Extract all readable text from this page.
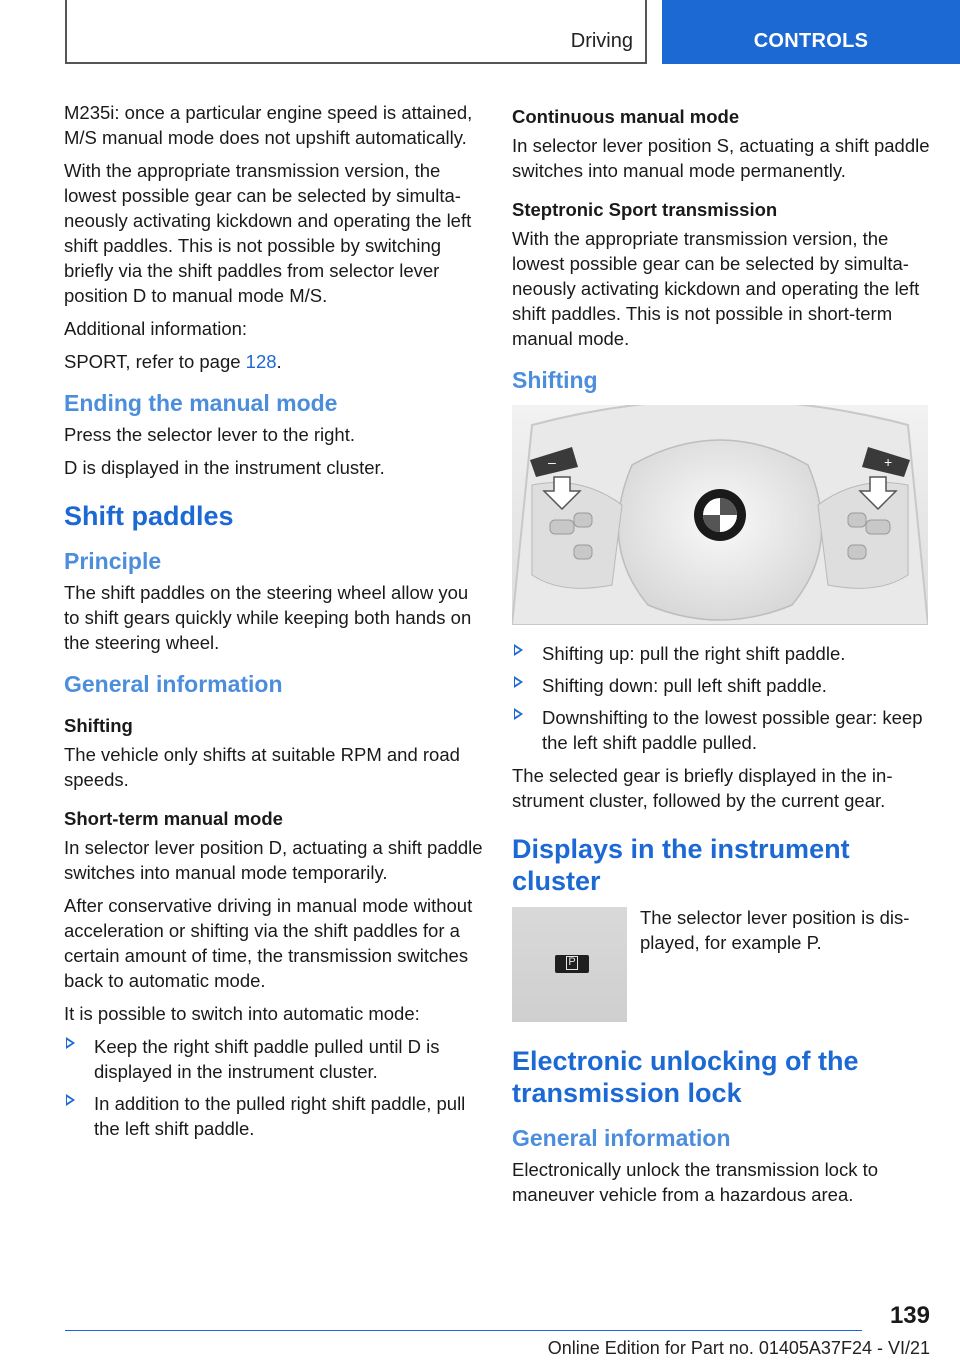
Driving	CONTROLS

M235i: once a particular engine speed is attained, M/S manual mode does not upshift automatically.

With the appropriate transmission version, the lowest possible gear can be selected by simultaneously activating kickdown and operating the left shift paddles. This is not possible by switching briefly via the shift paddles from selector lever position D to manual mode M/S.

Additional information:

SPORT, refer to page 128.

Ending the manual mode

Press the selector lever to the right.

D is displayed in the instrument cluster.

Shift paddles
Principle

The shift paddles on the steering wheel allow you to shift gears quickly while keeping both hands on the steering wheel.

General information

Shifting

The vehicle only shifts at suitable RPM and road speeds.

Short-term manual mode

In selector lever position D, actuating a shift paddle switches into manual mode temporarily.

After conservative driving in manual mode without acceleration or shifting via the shift paddles for a certain amount of time, the transmission switches back to automatic mode.

It is possible to switch into automatic mode:

Keep the right shift paddle pulled until D is displayed in the instrument cluster.
In addition to the pulled right shift paddle, pull the left shift paddle.

Continuous manual mode

In selector lever position S, actuating a shift paddle switches into manual mode permanently.

Steptronic Sport transmission

With the appropriate transmission version, the lowest possible gear can be selected by simultaneously activating kickdown and operating the left shift paddles. This is not possible in short-term manual mode.

Shifting
–	+
Shifting up: pull the right shift paddle.
Shifting down: pull left shift paddle.
Downshifting to the lowest possible gear: keep the left shift paddle pulled.

The selected gear is briefly displayed in the instrument cluster, followed by the current gear.

Displays in the instrument cluster
P

The selector lever position is displayed, for example P.

Electronic unlocking of the transmission lock
General information

Electronically unlock the transmission lock to maneuver vehicle from a hazardous area.

139
Online Edition for Part no. 01405A37F24 - VI/21
